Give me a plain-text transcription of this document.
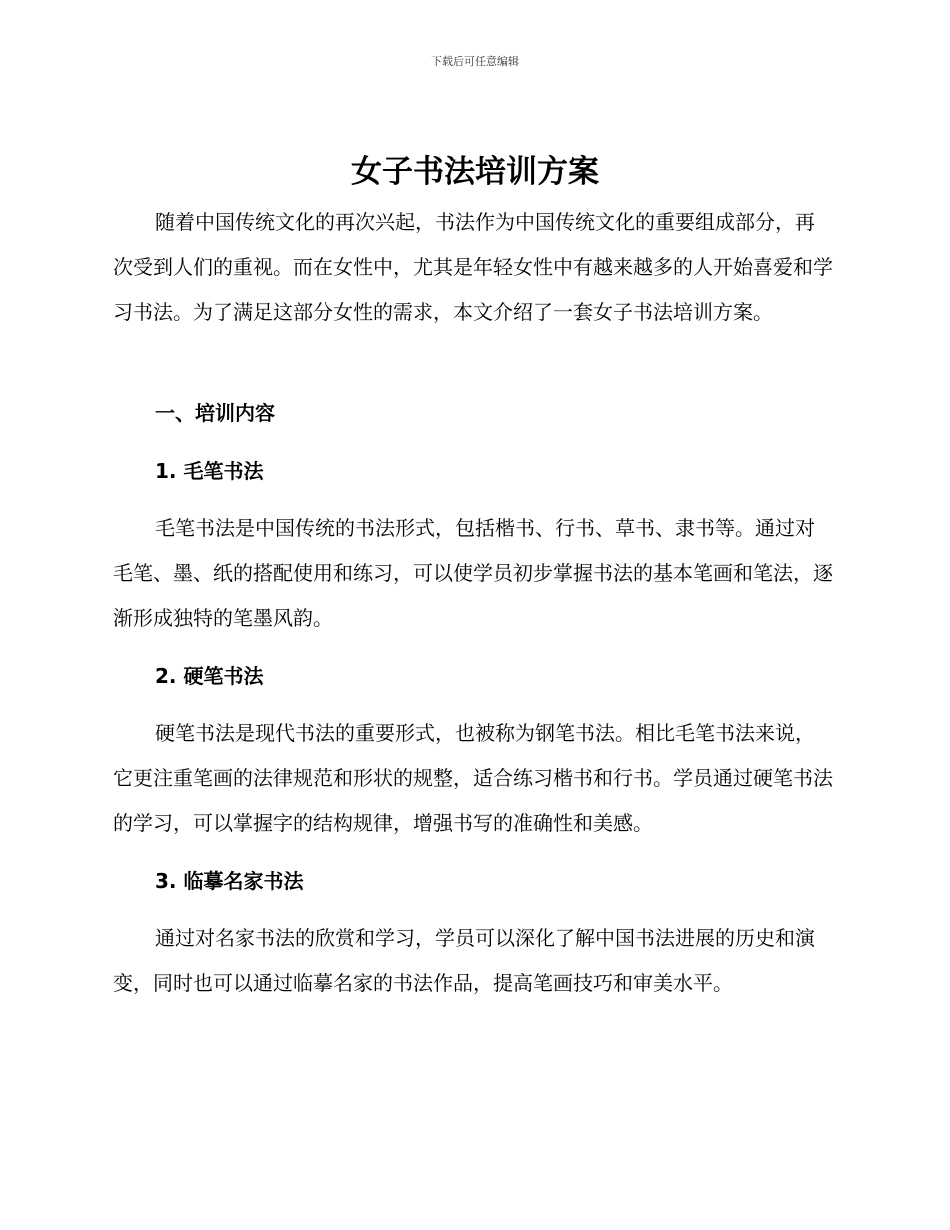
下载后可任意编辑
女子书法培训方案

随着中国传统文化的再次兴起，书法作为中国传统文化的重要组成部分，再次受到人们的重视。而在女性中，尤其是年轻女性中有越来越多的人开始喜爱和学习书法。为了满足这部分女性的需求，本文介绍了一套女子书法培训方案。

一、培训内容
1. 毛笔书法

毛笔书法是中国传统的书法形式，包括楷书、行书、草书、隶书等。通过对毛笔、墨、纸的搭配使用和练习，可以使学员初步掌握书法的基本笔画和笔法，逐渐形成独特的笔墨风韵。

2. 硬笔书法

硬笔书法是现代书法的重要形式，也被称为钢笔书法。相比毛笔书法来说，它更注重笔画的法律规范和形状的规整，适合练习楷书和行书。学员通过硬笔书法的学习，可以掌握字的结构规律，增强书写的准确性和美感。

3. 临摹名家书法

通过对名家书法的欣赏和学习，学员可以深化了解中国书法进展的历史和演变，同时也可以通过临摹名家的书法作品，提高笔画技巧和审美水平。
